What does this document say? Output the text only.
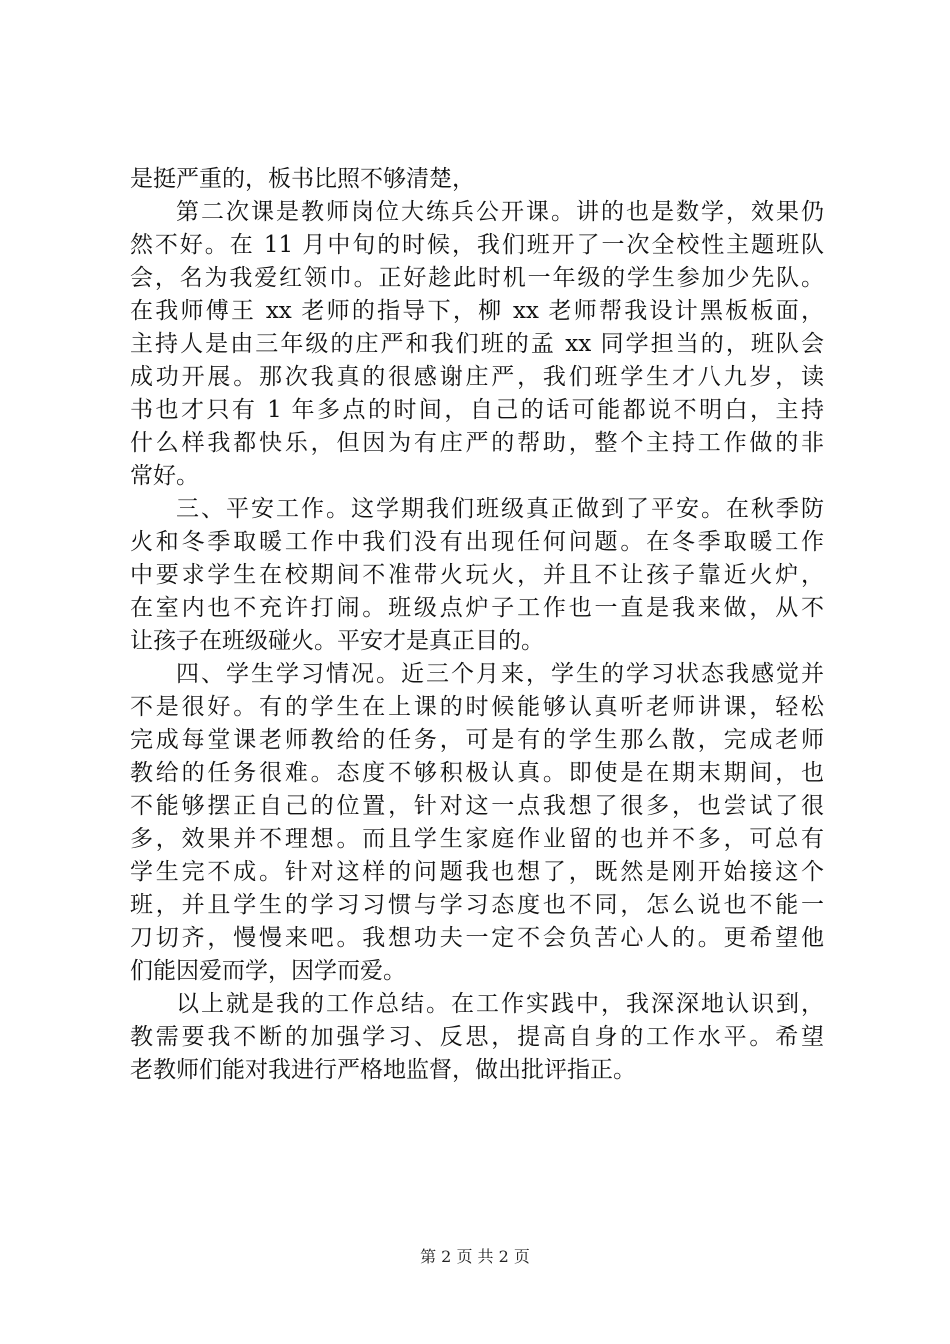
是挺严重的，板书比照不够清楚，
第二次课是教师岗位大练兵公开课。讲的也是数学，效果仍
然不好。在 11 月中旬的时候，我们班开了一次全校性主题班队
会，名为我爱红领巾。正好趁此时机一年级的学生参加少先队。
在我师傅王 xx 老师的指导下，柳 xx 老师帮我设计黑板板面，
主持人是由三年级的庄严和我们班的孟 xx 同学担当的，班队会
成功开展。那次我真的很感谢庄严，我们班学生才八九岁，读
书也才只有 1 年多点的时间，自己的话可能都说不明白，主持
什么样我都快乐，但因为有庄严的帮助，整个主持工作做的非
常好。
三、平安工作。这学期我们班级真正做到了平安。在秋季防
火和冬季取暖工作中我们没有出现任何问题。在冬季取暖工作
中要求学生在校期间不准带火玩火，并且不让孩子靠近火炉，
在室内也不充许打闹。班级点炉子工作也一直是我来做，从不
让孩子在班级碰火。平安才是真正目的。
四、学生学习情况。近三个月来，学生的学习状态我感觉并
不是很好。有的学生在上课的时候能够认真听老师讲课，轻松
完成每堂课老师教给的任务，可是有的学生那么散，完成老师
教给的任务很难。态度不够积极认真。即使是在期末期间，也
不能够摆正自己的位置，针对这一点我想了很多，也尝试了很
多，效果并不理想。而且学生家庭作业留的也并不多，可总有
学生完不成。针对这样的问题我也想了，既然是刚开始接这个
班，并且学生的学习习惯与学习态度也不同，怎么说也不能一
刀切齐，慢慢来吧。我想功夫一定不会负苦心人的。更希望他
们能因爱而学，因学而爱。
以上就是我的工作总结。在工作实践中，我深深地认识到，
教需要我不断的加强学习、反思，提高自身的工作水平。希望
老教师们能对我进行严格地监督，做出批评指正。
第 2 页 共 2 页
